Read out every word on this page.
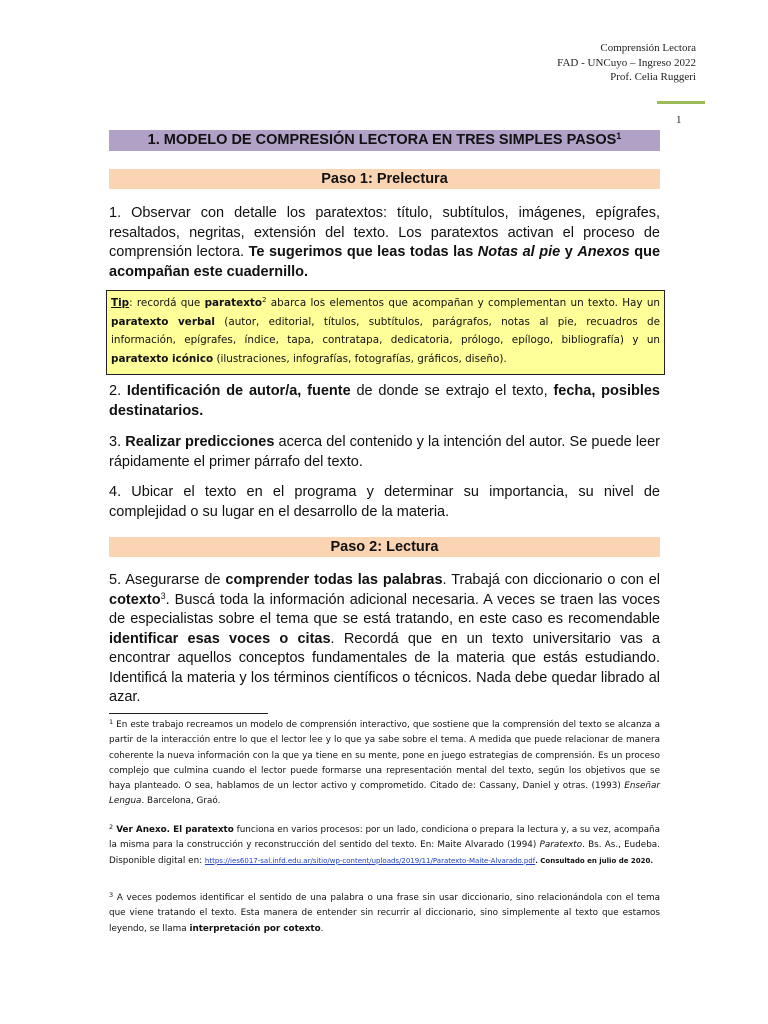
Comprensión Lectora
FAD - UNCuyo – Ingreso 2022
Prof. Celia Ruggeri
1
1. MODELO DE COMPRESIÓN LECTORA EN TRES SIMPLES PASOS$^1$
Paso 1: Prelectura
1. Observar con detalle los paratextos: título, subtítulos, imágenes, epígrafes, resaltados, negritas, extensión del texto. Los paratextos activan el proceso de comprensión lectora. Te sugerimos que leas todas las Notas al pie y Anexos que acompañan este cuadernillo.
Tip: recordá que paratexto$^2$ abarca los elementos que acompañan y complementan un texto. Hay un paratexto verbal (autor, editorial, títulos, subtítulos, parágrafos, notas al pie, recuadros de información, epígrafes, índice, tapa, contratapa, dedicatoria, prólogo, epílogo, bibliografía) y un paratexto icónico (ilustraciones, infografías, fotografías, gráficos, diseño).
2. Identificación de autor/a, fuente de donde se extrajo el texto, fecha, posibles destinatarios.
3. Realizar predicciones acerca del contenido y la intención del autor. Se puede leer rápidamente el primer párrafo del texto.
4. Ubicar el texto en el programa y determinar su importancia, su nivel de complejidad o su lugar en el desarrollo de la materia.
Paso 2: Lectura
5. Asegurarse de comprender todas las palabras. Trabajá con diccionario o con el cotexto$^3$. Buscá toda la información adicional necesaria. A veces se traen las voces de especialistas sobre el tema que se está tratando, en este caso es recomendable identificar esas voces o citas. Recordá que en un texto universitario vas a encontrar aquellos conceptos fundamentales de la materia que estás estudiando. Identificá la materia y los términos científicos o técnicos. Nada debe quedar librado al azar.
$^1$ En este trabajo recreamos un modelo de comprensión interactivo, que sostiene que la comprensión del texto se alcanza a partir de la interacción entre lo que el lector lee y lo que ya sabe sobre el tema. A medida que puede relacionar de manera coherente la nueva información con la que ya tiene en su mente, pone en juego estrategias de comprensión. Es un proceso complejo que culmina cuando el lector puede formarse una representación mental del texto, según los objetivos que se haya planteado. O sea, hablamos de un lector activo y comprometido. Citado de: Cassany, Daniel y otras. (1993) Enseñar Lengua. Barcelona, Graó.
$^2$ Ver Anexo. El paratexto funciona en varios procesos: por un lado, condiciona o prepara la lectura y, a su vez, acompaña la misma para la construcción y reconstrucción del sentido del texto. En: Maite Alvarado (1994) Paratexto. Bs. As., Eudeba. Disponible digital en: https://ies6017-sal.infd.edu.ar/sitio/wp-content/uploads/2019/11/Paratexto-Maite-Alvarado.pdf. Consultado en julio de 2020.
$^3$ A veces podemos identificar el sentido de una palabra o una frase sin usar diccionario, sino relacionándola con el tema que viene tratando el texto. Esta manera de entender sin recurrir al diccionario, sino simplemente al texto que estamos leyendo, se llama interpretación por cotexto.
